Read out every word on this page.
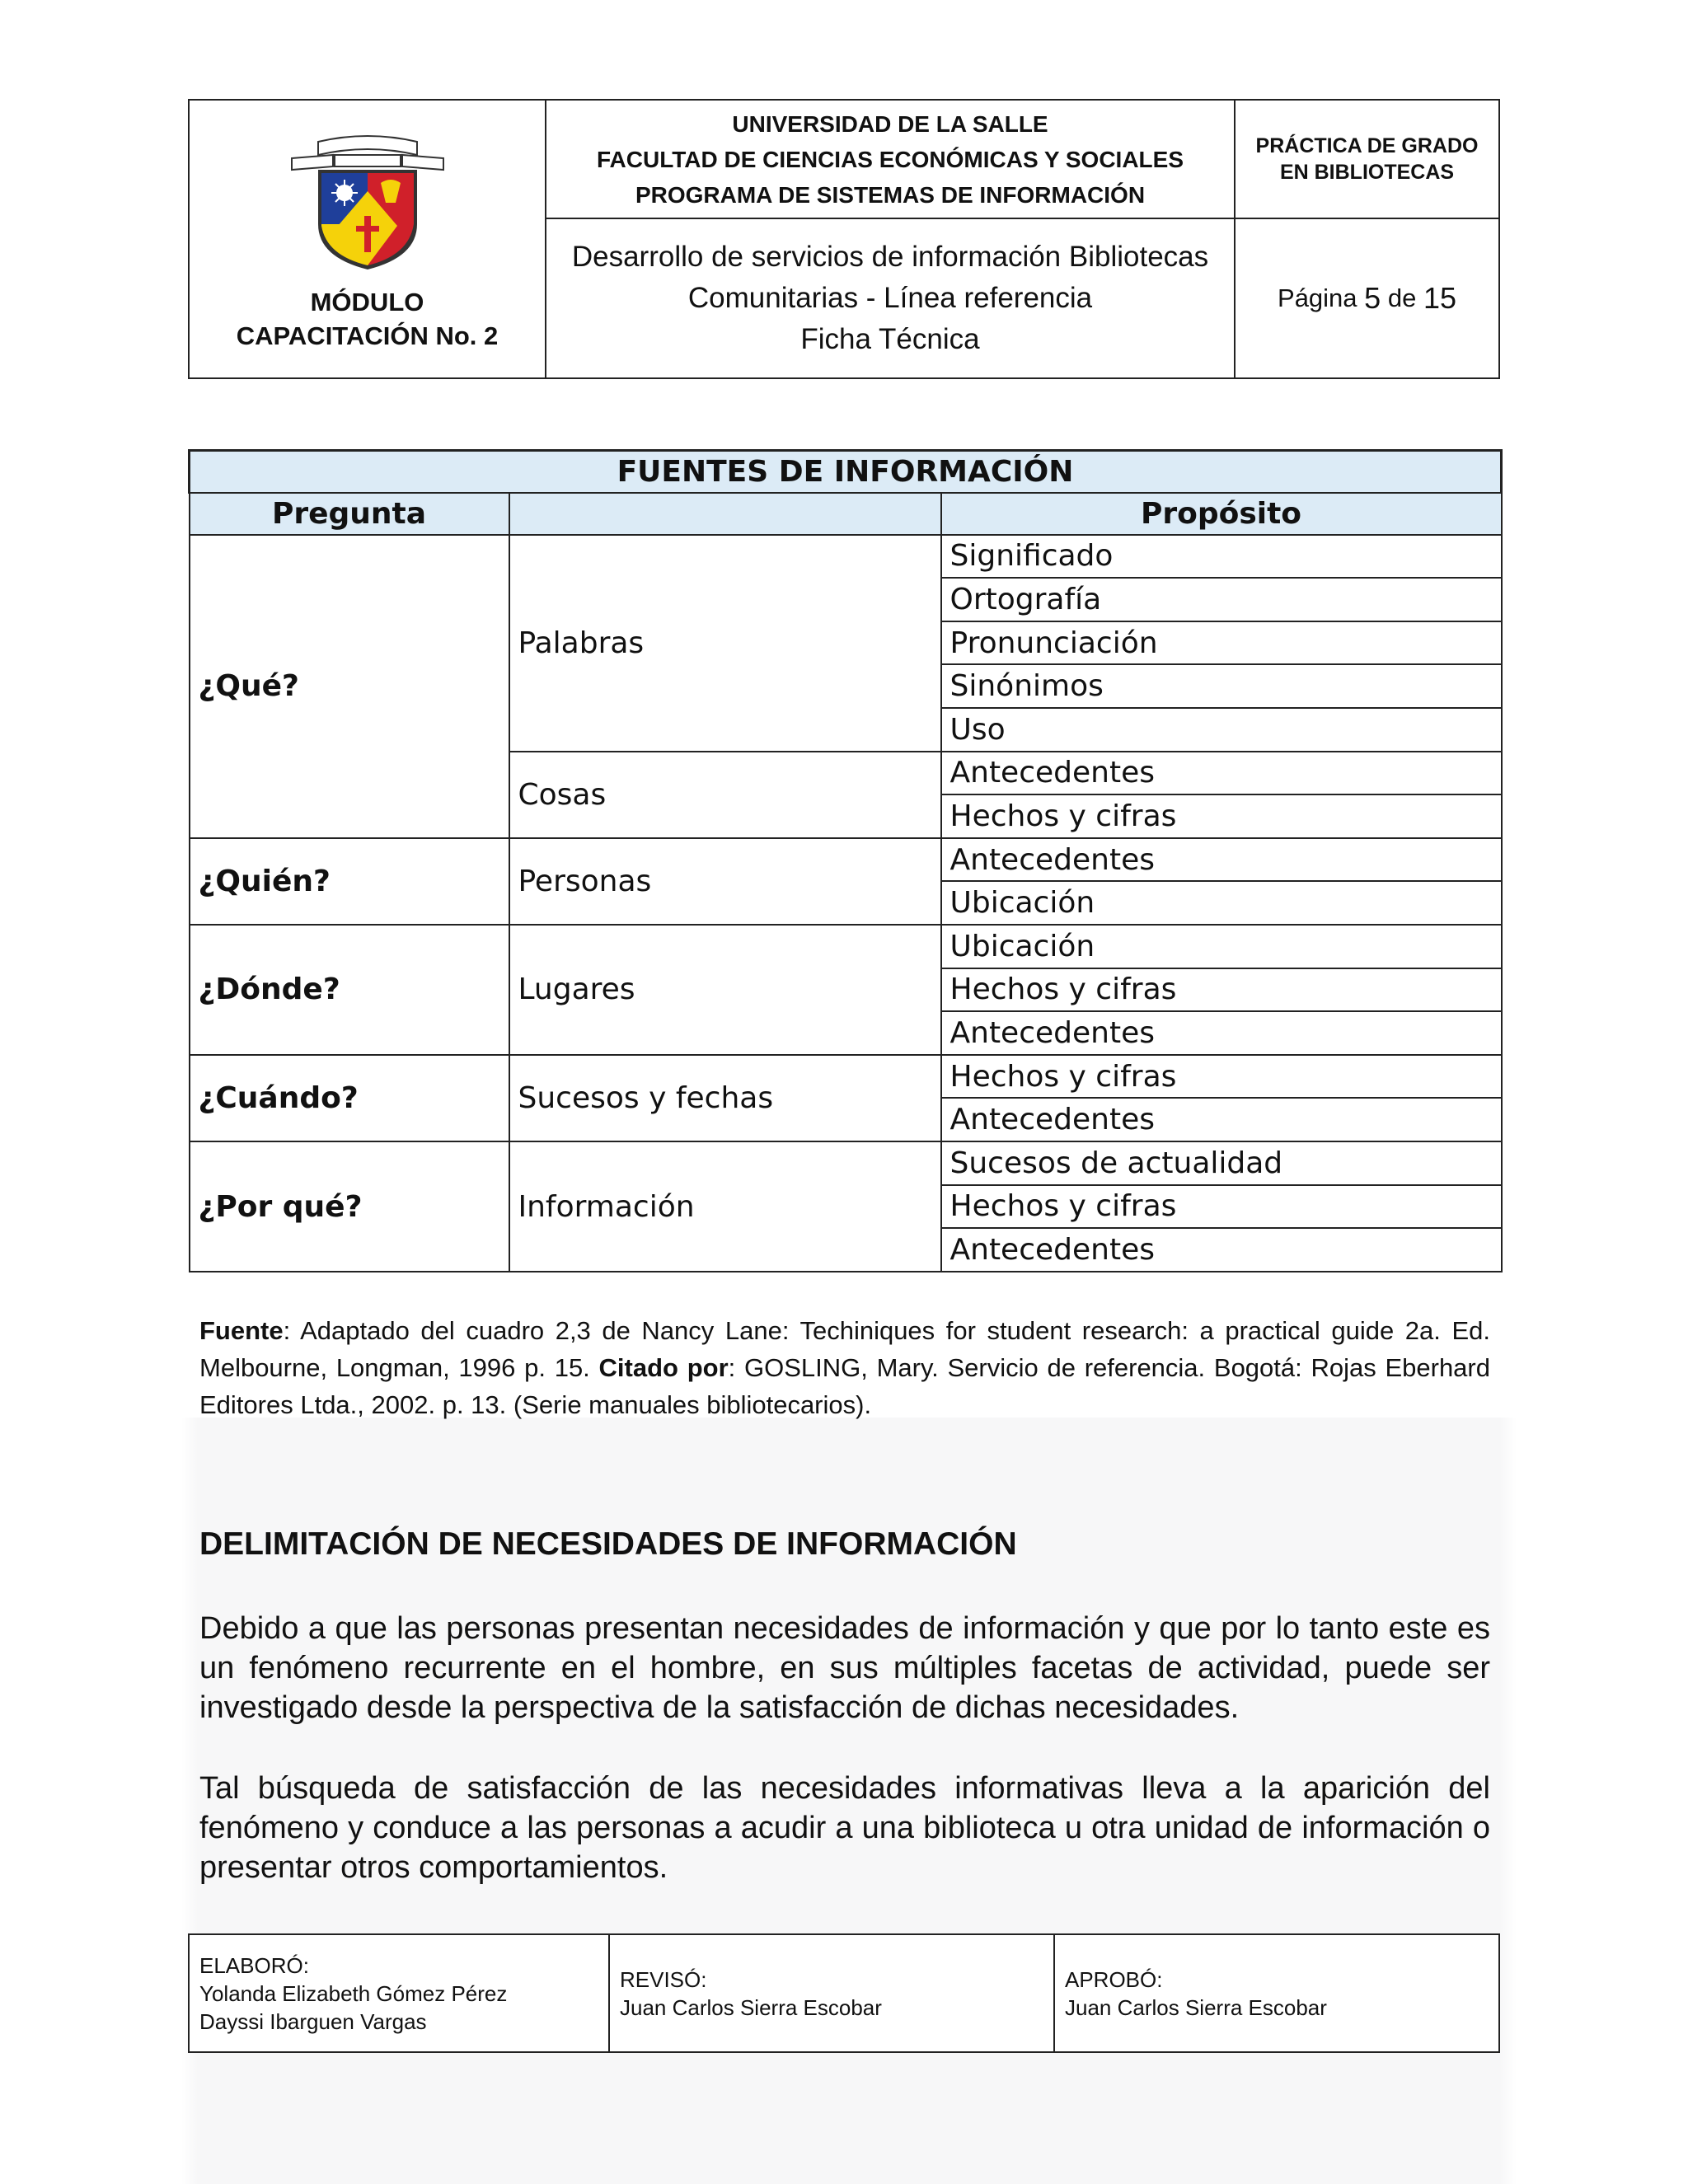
MÓDULO
CAPACITACIÓN No. 2
UNIVERSIDAD DE LA SALLE
FACULTAD DE CIENCIAS ECONÓMICAS Y SOCIALES
PROGRAMA DE SISTEMAS DE INFORMACIÓN
Desarrollo de servicios de información Bibliotecas
Comunitarias - Línea referencia
Ficha Técnica
PRÁCTICA DE GRADO
EN BIBLIOTECAS
Página
5
de
15
FUENTES DE INFORMACIÓN		
Pregunta		Propósito
¿Qué?	Palabras	Significado
		Ortografía
		Pronunciación
		Sinónimos
		Uso
	Cosas	Antecedentes
		Hechos y cifras
¿Quién?	Personas	Antecedentes
		Ubicación
¿Dónde?	Lugares	Ubicación
		Hechos y cifras
		Antecedentes
¿Cuándo?	Sucesos y fechas	Hechos y cifras
		Antecedentes
¿Por qué?	Información	Sucesos de actualidad
		Hechos y cifras
		Antecedentes
Fuente: Adaptado del cuadro 2,3 de Nancy Lane: Techiniques for student research: a practical guide 2a. Ed. Melbourne, Longman, 1996 p. 15. Citado por: GOSLING, Mary. Servicio de referencia. Bogotá: Rojas Eberhard Editores Ltda., 2002. p. 13. (Serie manuales bibliotecarios).
DELIMITACIÓN DE NECESIDADES DE INFORMACIÓN
Debido a que las personas presentan necesidades de información y que por lo tanto este es un fenómeno recurrente en el hombre, en sus múltiples facetas de actividad, puede ser investigado desde la perspectiva de la satisfacción de dichas necesidades.
Tal búsqueda de satisfacción de las necesidades informativas lleva a la aparición del fenómeno y conduce a las personas a acudir a una biblioteca u otra unidad de información o presentar otros comportamientos.
ELABORÓ:
Yolanda Elizabeth Gómez Pérez
Dayssi Ibarguen Vargas
REVISÓ:
Juan Carlos Sierra Escobar
APROBÓ:
Juan Carlos Sierra Escobar
